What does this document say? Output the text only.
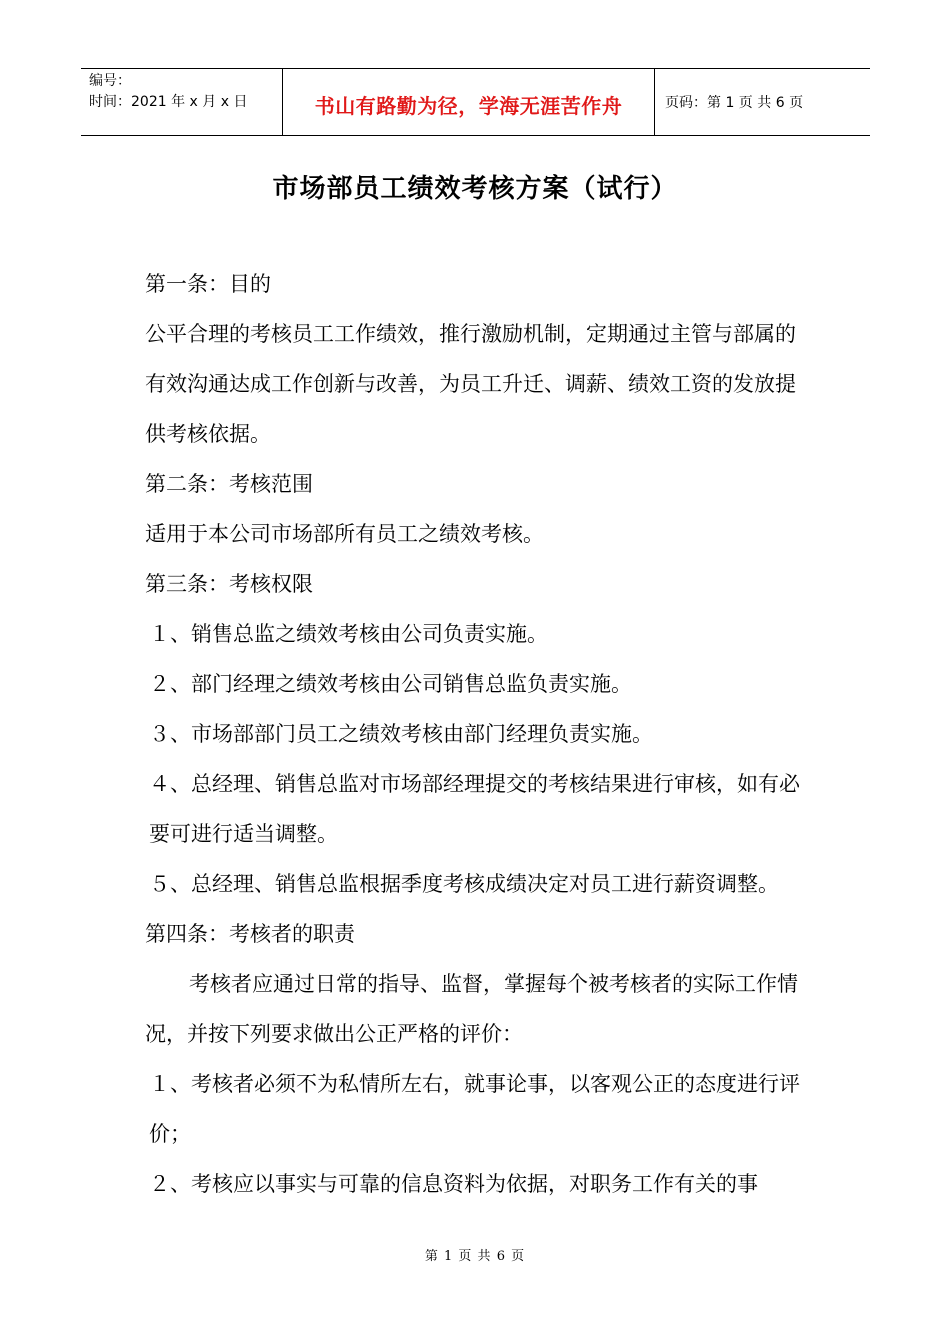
编号：
时间：2021 年 x 月 x 日	书山有路勤为径，学海无涯苦作舟	页码：第 1 页 共 6 页
市场部员工绩效考核方案（试行）

第一条：目的

公平合理的考核员工工作绩效，推行激励机制，定期通过主管与部属的有效沟通达成工作创新与改善，为员工升迁、调薪、绩效工资的发放提供考核依据。

第二条：考核范围

适用于本公司市场部所有员工之绩效考核。

第三条：考核权限

１、销售总监之绩效考核由公司负责实施。

２、部门经理之绩效考核由公司销售总监负责实施。

３、市场部部门员工之绩效考核由部门经理负责实施。

４、总经理、销售总监对市场部经理提交的考核结果进行审核，如有必要可进行适当调整。

５、总经理、销售总监根据季度考核成绩决定对员工进行薪资调整。

第四条：考核者的职责

考核者应通过日常的指导、监督，掌握每个被考核者的实际工作情况，并按下列要求做出公正严格的评价：

１、考核者必须不为私情所左右，就事论事，以客观公正的态度进行评价；

２、考核应以事实与可靠的信息资料为依据，对职务工作有关的事

第 1 页 共 6 页
